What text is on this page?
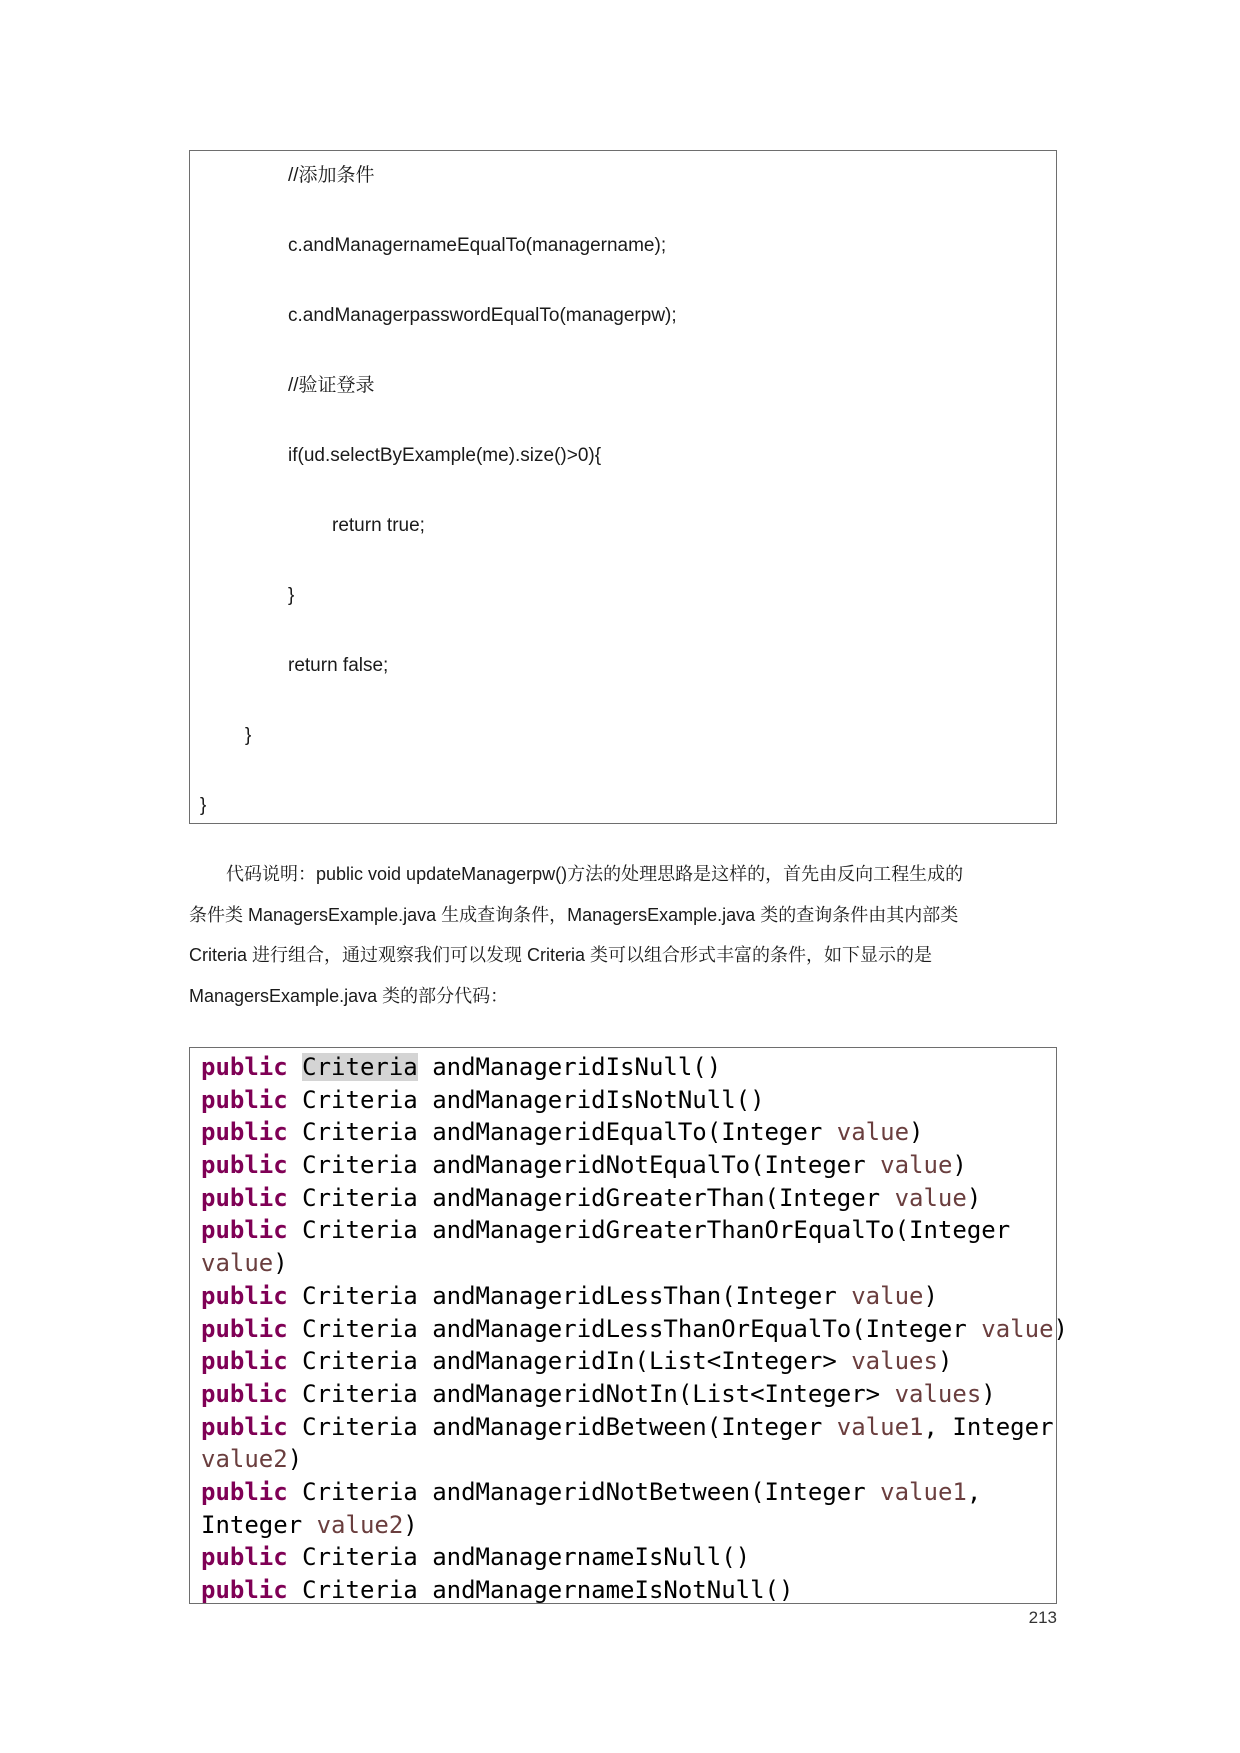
//添加条件
c.andManagernameEqualTo(managername);
c.andManagerpasswordEqualTo(managerpw);
//验证登录
if(ud.selectByExample(me).size()>0){
return true;
}
return false;
}
}
代码说明：public void updateManagerpw()方法的处理思路是这样的，首先由反向工程生成的
条件类 ManagersExample.java 生成查询条件，ManagersExample.java 类的查询条件由其内部类
Criteria 进行组合，通过观察我们可以发现 Criteria 类可以组合形式丰富的条件，如下显示的是
ManagersExample.java 类的部分代码：
public Criteria andManageridIsNull()
public Criteria andManageridIsNotNull()
public Criteria andManageridEqualTo(Integer value)
public Criteria andManageridNotEqualTo(Integer value)
public Criteria andManageridGreaterThan(Integer value)
public Criteria andManageridGreaterThanOrEqualTo(Integer
value)
public Criteria andManageridLessThan(Integer value)
public Criteria andManageridLessThanOrEqualTo(Integer value)
public Criteria andManageridIn(List<Integer> values)
public Criteria andManageridNotIn(List<Integer> values)
public Criteria andManageridBetween(Integer value1, Integer
value2)
public Criteria andManageridNotBetween(Integer value1,
Integer value2)
public Criteria andManagernameIsNull()
public Criteria andManagernameIsNotNull()
213
